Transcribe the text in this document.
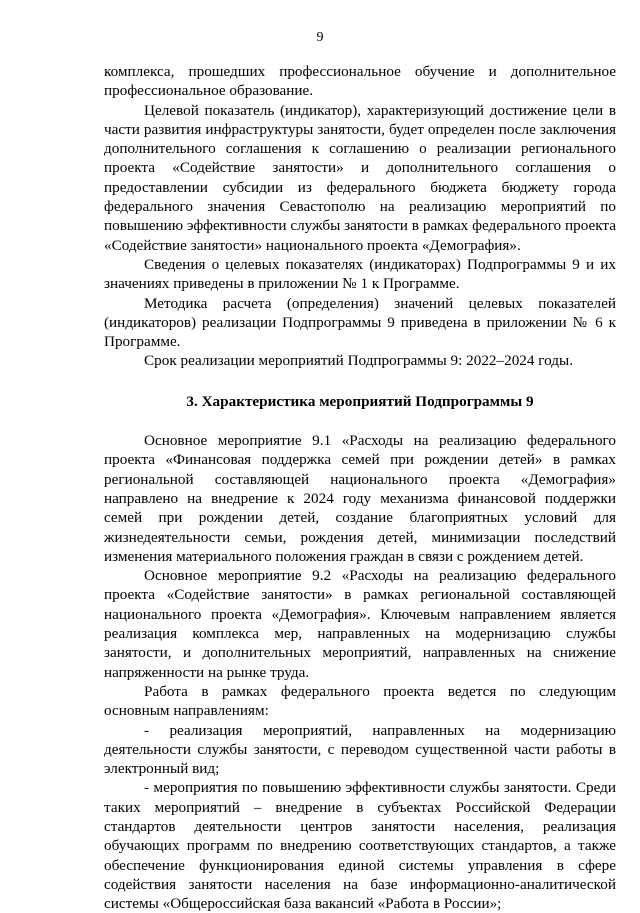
9

комплекса, прошедших профессиональное обучение и дополнительное профессиональное образование.

Целевой показатель (индикатор), характеризующий достижение цели в части развития инфраструктуры занятости, будет определен после заключения дополнительного соглашения к соглашению о реализации регионального проекта «Содействие занятости» и дополнительного соглашения о предоставлении субсидии из федерального бюджета бюджету города федерального значения Севастополю на реализацию мероприятий по повышению эффективности службы занятости в рамках федерального проекта «Содействие занятости» национального проекта «Демография».

Сведения о целевых показателях (индикаторах) Подпрограммы 9 и их значениях приведены в приложении № 1 к Программе.

Методика расчета (определения) значений целевых показателей (индикаторов) реализации Подпрограммы 9 приведена в приложении № 6 к Программе.

Срок реализации мероприятий Подпрограммы 9: 2022–2024 годы.

3. Характеристика мероприятий Подпрограммы 9

Основное мероприятие 9.1 «Расходы на реализацию федерального проекта «Финансовая поддержка семей при рождении детей» в рамках региональной составляющей национального проекта «Демография» направлено на внедрение к 2024 году механизма финансовой поддержки семей при рождении детей, создание благоприятных условий для жизнедеятельности семьи, рождения детей, минимизации последствий изменения материального положения граждан в связи с рождением детей.

Основное мероприятие 9.2 «Расходы на реализацию федерального проекта «Содействие занятости» в рамках региональной составляющей национального проекта «Демография». Ключевым направлением является реализация комплекса мер, направленных на модернизацию службы занятости, и дополнительных мероприятий, направленных на снижение напряженности на рынке труда.

Работа в рамках федерального проекта ведется по следующим основным направлениям:

- реализация мероприятий, направленных на модернизацию деятельности службы занятости, с переводом существенной части работы в электронный вид;

- мероприятия по повышению эффективности службы занятости. Среди таких мероприятий – внедрение в субъектах Российской Федерации стандартов деятельности центров занятости населения, реализация обучающих программ по внедрению соответствующих стандартов, а также обеспечение функционирования единой системы управления в сфере содействия занятости населения на базе информационно-аналитической системы «Общероссийская база вакансий «Работа в России»;
